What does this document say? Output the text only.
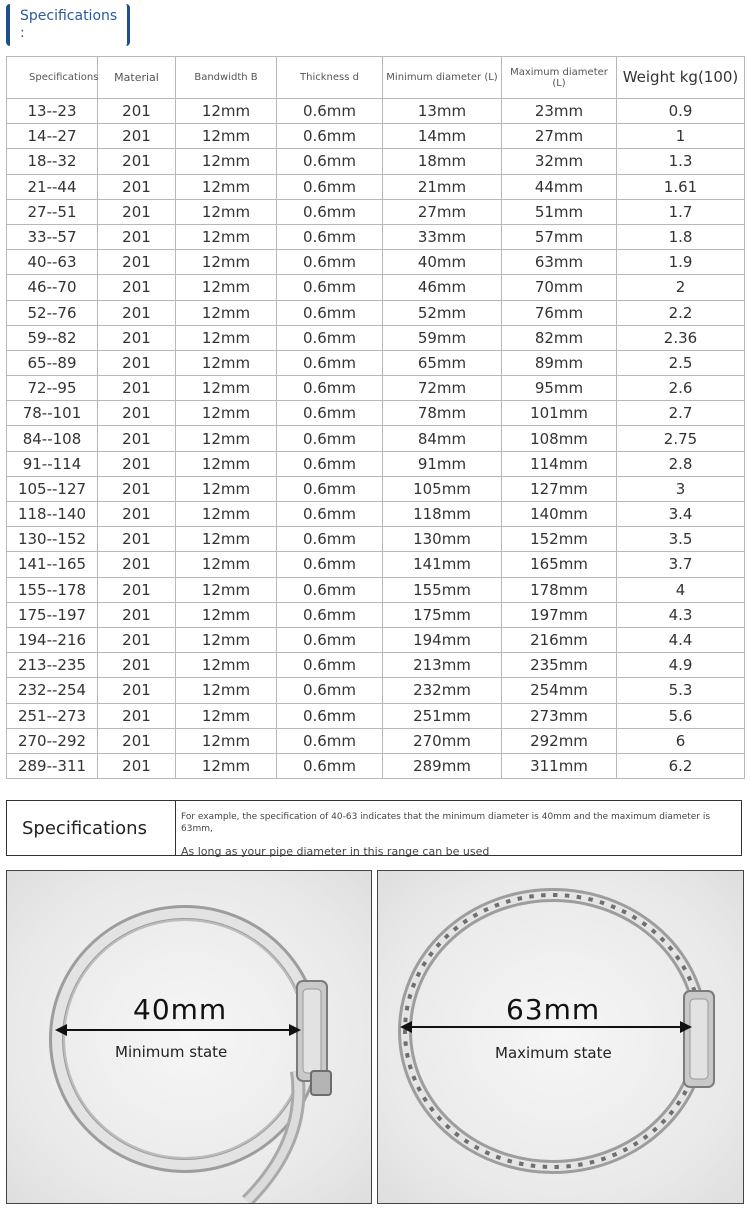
Specifications :
Specifications	Material	Bandwidth B	Thickness d	Minimum diameter (L)	Maximum diameter (L)	Weight kg(100)
13--23	201	12mm	0.6mm	13mm	23mm	0.9
14--27	201	12mm	0.6mm	14mm	27mm	1
18--32	201	12mm	0.6mm	18mm	32mm	1.3
21--44	201	12mm	0.6mm	21mm	44mm	1.61
27--51	201	12mm	0.6mm	27mm	51mm	1.7
33--57	201	12mm	0.6mm	33mm	57mm	1.8
40--63	201	12mm	0.6mm	40mm	63mm	1.9
46--70	201	12mm	0.6mm	46mm	70mm	2
52--76	201	12mm	0.6mm	52mm	76mm	2.2
59--82	201	12mm	0.6mm	59mm	82mm	2.36
65--89	201	12mm	0.6mm	65mm	89mm	2.5
72--95	201	12mm	0.6mm	72mm	95mm	2.6
78--101	201	12mm	0.6mm	78mm	101mm	2.7
84--108	201	12mm	0.6mm	84mm	108mm	2.75
91--114	201	12mm	0.6mm	91mm	114mm	2.8
105--127	201	12mm	0.6mm	105mm	127mm	3
118--140	201	12mm	0.6mm	118mm	140mm	3.4
130--152	201	12mm	0.6mm	130mm	152mm	3.5
141--165	201	12mm	0.6mm	141mm	165mm	3.7
155--178	201	12mm	0.6mm	155mm	178mm	4
175--197	201	12mm	0.6mm	175mm	197mm	4.3
194--216	201	12mm	0.6mm	194mm	216mm	4.4
213--235	201	12mm	0.6mm	213mm	235mm	4.9
232--254	201	12mm	0.6mm	232mm	254mm	5.3
251--273	201	12mm	0.6mm	251mm	273mm	5.6
270--292	201	12mm	0.6mm	270mm	292mm	6
289--311	201	12mm	0.6mm	289mm	311mm	6.2
Specifications
For example, the specification of 40-63 indicates that the minimum diameter is 40mm and the maximum diameter is 63mm,
As long as your pipe diameter in this range can be used
40mm
Minimum state
63mm
Maximum state
